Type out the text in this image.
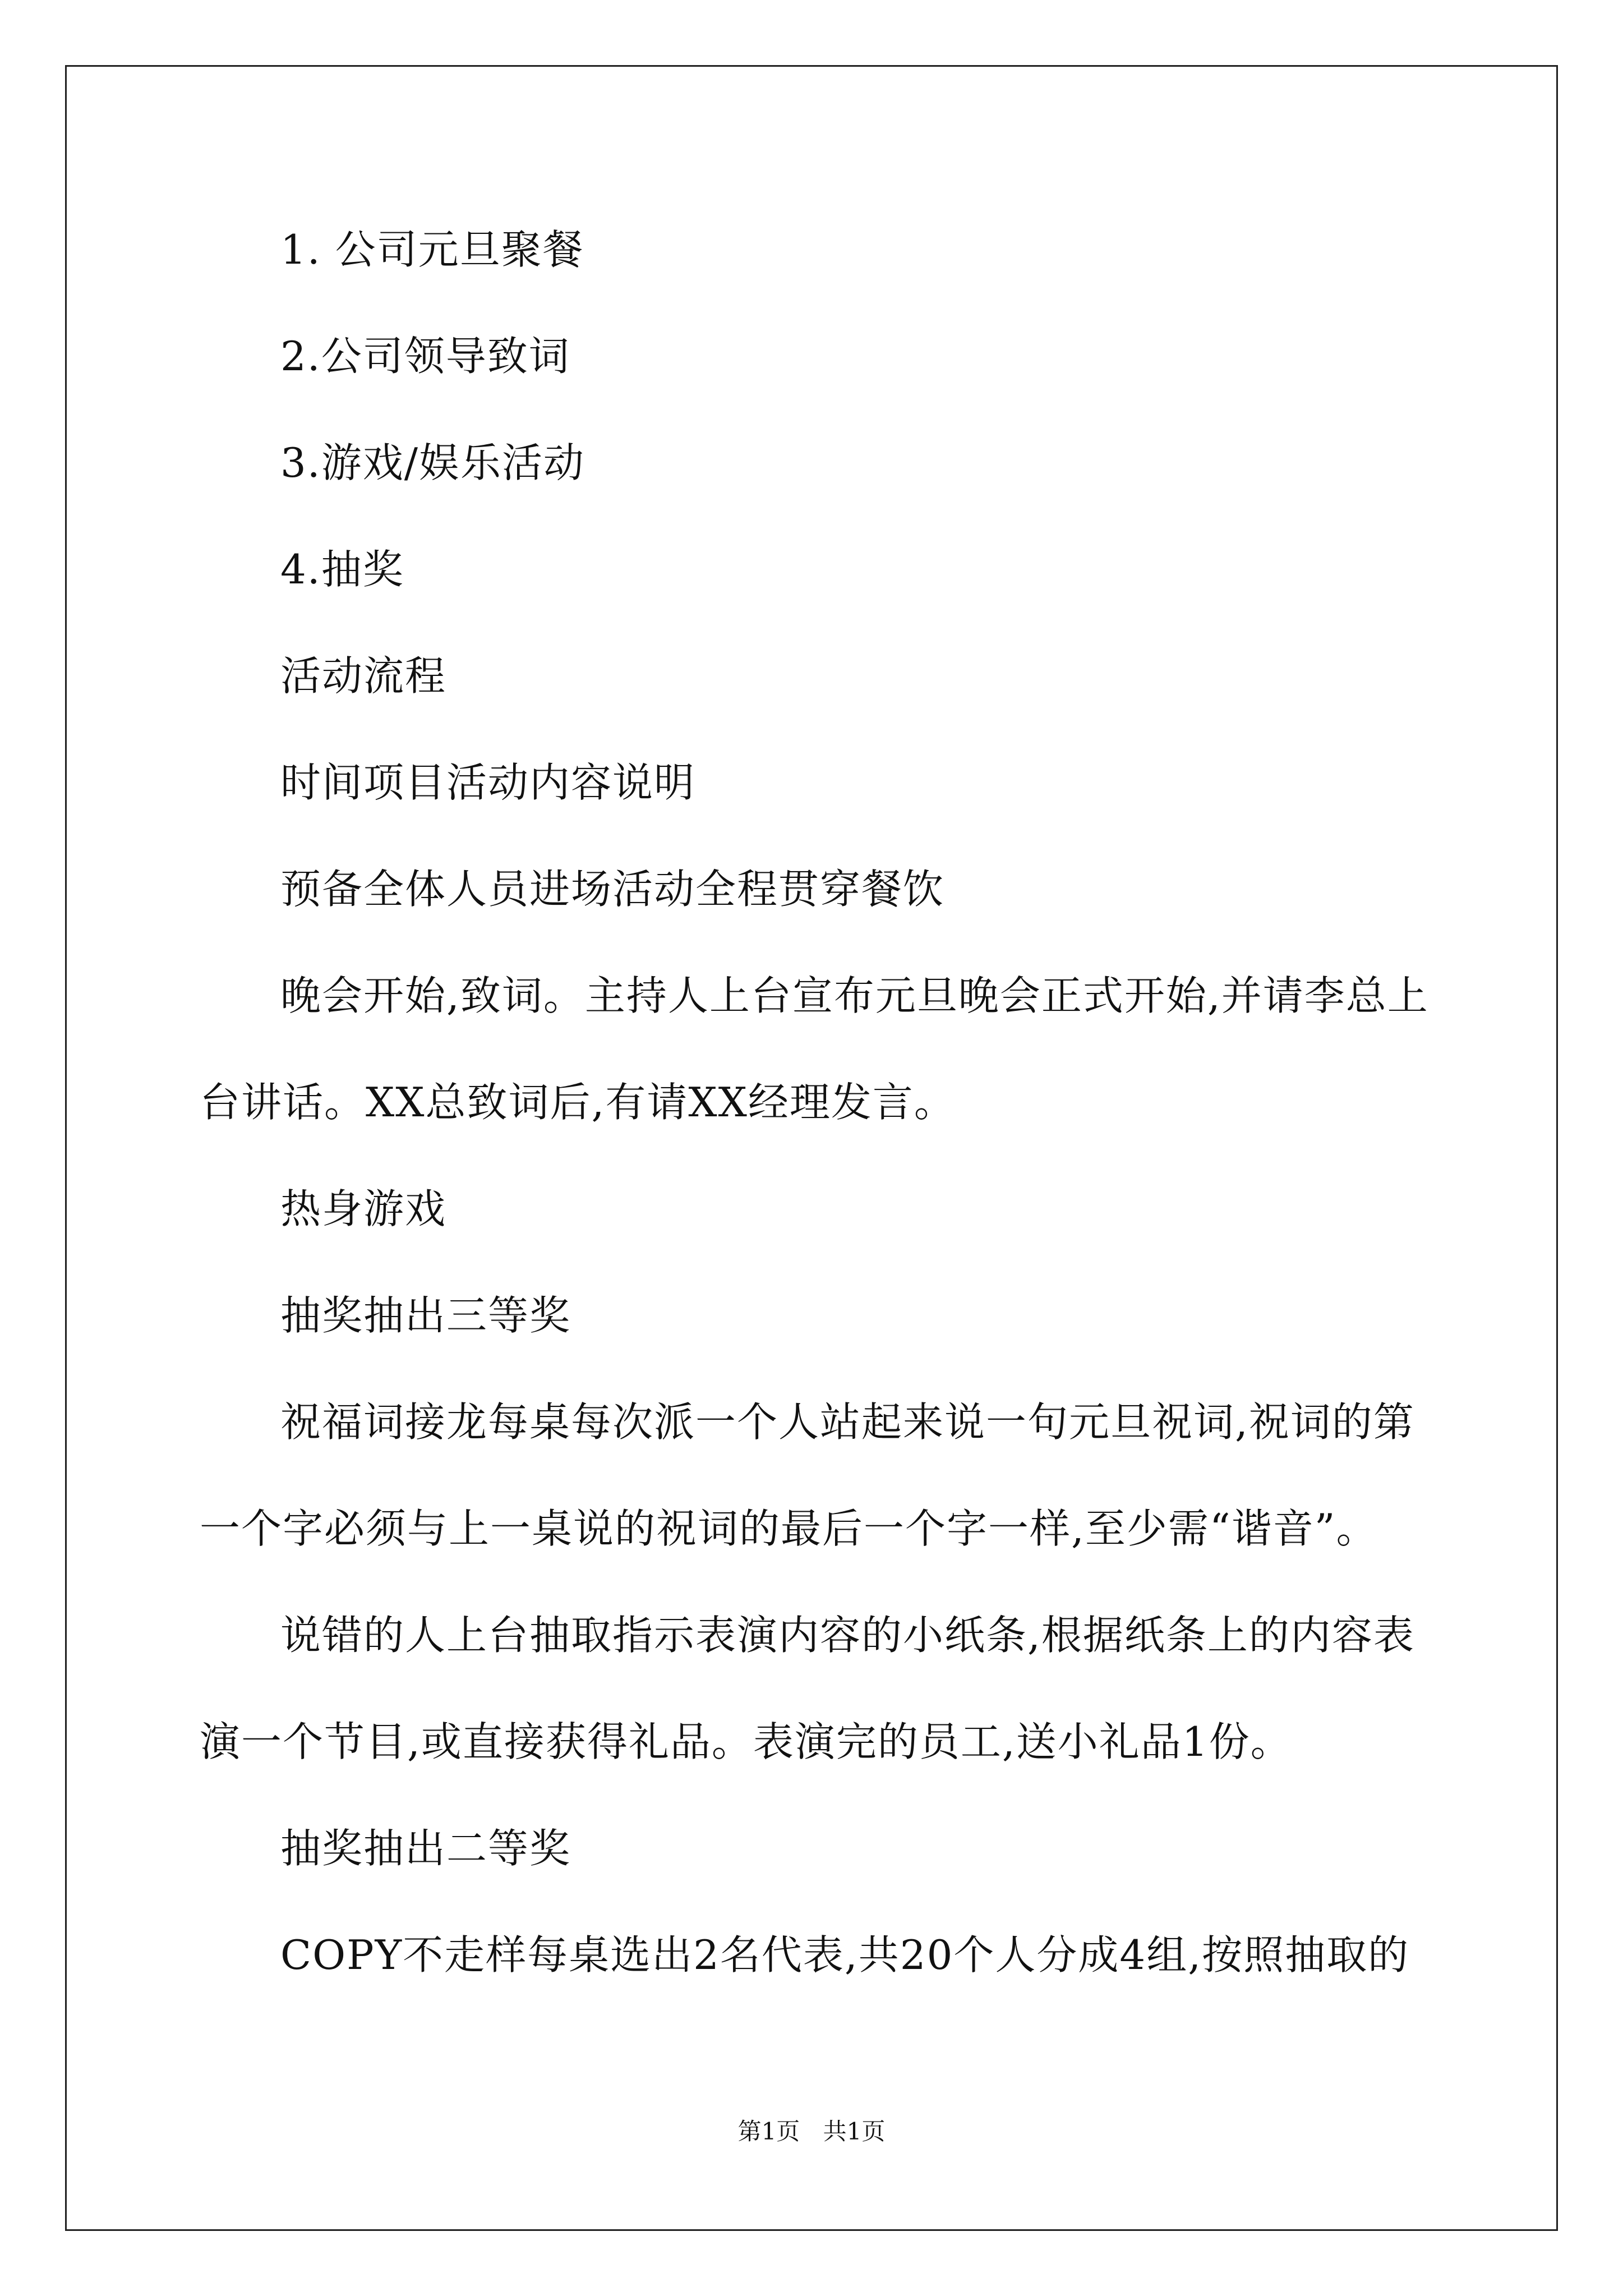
1. 公司元旦聚餐
2.公司领导致词
3.游戏/娱乐活动
4.抽奖
活动流程
时间项目活动内容说明
预备全体人员进场活动全程贯穿餐饮
晚会开始,致词。主持人上台宣布元旦晚会正式开始,并请李总上
台讲话。XX总致词后,有请XX经理发言。
热身游戏
抽奖抽出三等奖
祝福词接龙每桌每次派一个人站起来说一句元旦祝词,祝词的第
一个字必须与上一桌说的祝词的最后一个字一样,至少需“谐音”。
说错的人上台抽取指示表演内容的小纸条,根据纸条上的内容表
演一个节目,或直接获得礼品。表演完的员工,送小礼品1份。
抽奖抽出二等奖
COPY不走样每桌选出2名代表,共20个人分成4组,按照抽取的
第1页 共1页
